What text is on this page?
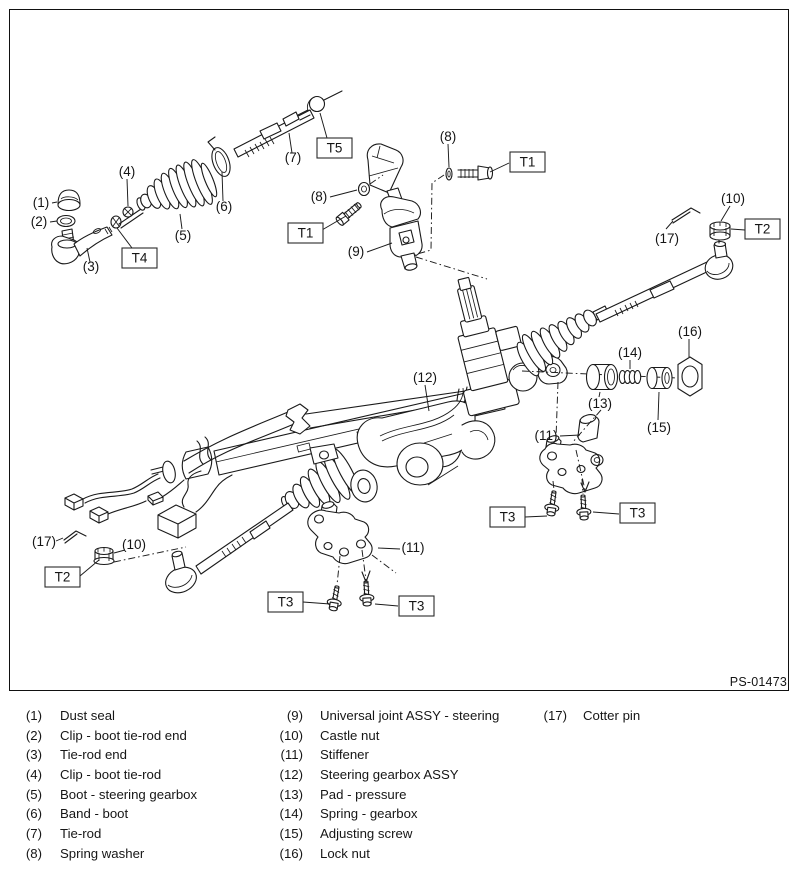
T5
T1
T1
T4
T2
T2
T3	T3
T3	T3
(1)
(2)
(3)
(4)
(5)
(6)
(7)
(8)
(8)
(9)
(10)
(10)
(11)
(11)
(12)
(13)
(14)
(15)
(16)
(17)
(17)
PS-01473
(1) Dust seal
(2) Clip - boot tie-rod end
(3) Tie-rod end
(4) Clip - boot tie-rod
(5) Boot - steering gearbox
(6) Band - boot
(7) Tie-rod
(8) Spring washer
(9) Universal joint ASSY - steering
(10) Castle nut
(11) Stiffener
(12) Steering gearbox ASSY
(13) Pad - pressure
(14) Spring - gearbox
(15) Adjusting screw
(16) Lock nut
(17) Cotter pin
